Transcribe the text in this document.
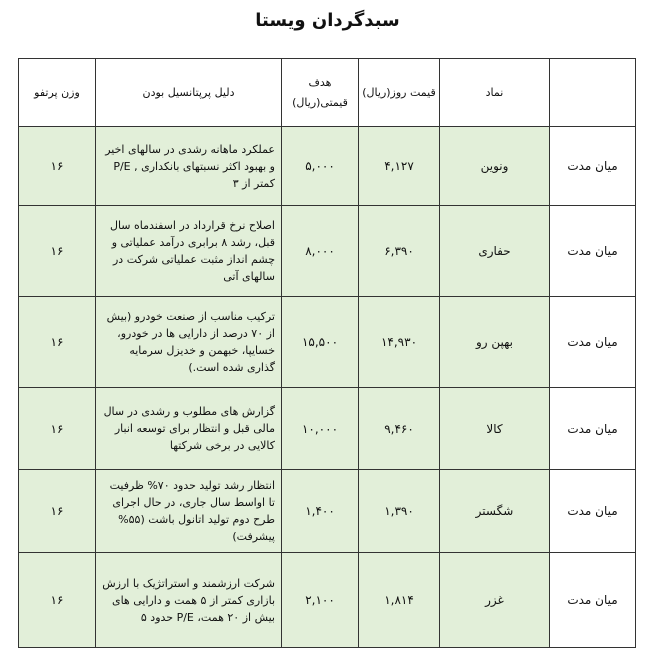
سبدگردان ویستا
	نماد	قیمت روز(ریال)	هدف قیمتی(ریال)	دلیل پرپتانسیل بودن	وزن پرتفو
میان مدت	ونوین	۴,۱۲۷	۵,۰۰۰	عملکرد ماهانه رشدی در سالهای اخیر و بهبود اکثر نسبتهای بانکداری , P/E کمتر از ۳	۱۶
میان مدت	حفاری	۶,۳۹۰	۸,۰۰۰	اصلاح نرخ قرارداد در اسفندماه سال قبل، رشد ۸ برابری درآمد عملیاتی و چشم انداز مثبت عملیاتی شرکت در سالهای آتی	۱۶
میان مدت	بهپن رو	۱۴,۹۳۰	۱۵,۵۰۰	ترکیب مناسب از صنعت خودرو (بیش از ۷۰ درصد از دارایی ها در خودرو، خسایپا، خبهمن و خدیزل سرمایه گذاری شده است.)	۱۶
میان مدت	کالا	۹,۴۶۰	۱۰,۰۰۰	گزارش های مطلوب و رشدی در سال مالی قبل و انتظار برای توسعه انبار کالایی در برخی شرکتها	۱۶
میان مدت	شگستر	۱,۳۹۰	۱,۴۰۰	انتظار رشد تولید حدود ۷۰% ظرفیت تا اواسط سال جاری، در حال اجرای طرح دوم تولید اتانول باشت (۵۵% پیشرفت)	۱۶
میان مدت	غزر	۱,۸۱۴	۲,۱۰۰	شرکت ارزشمند و استراتژیک با ارزش بازاری کمتر از ۵ همت و دارایی های بیش از ۲۰ همت، P/E حدود ۵	۱۶
